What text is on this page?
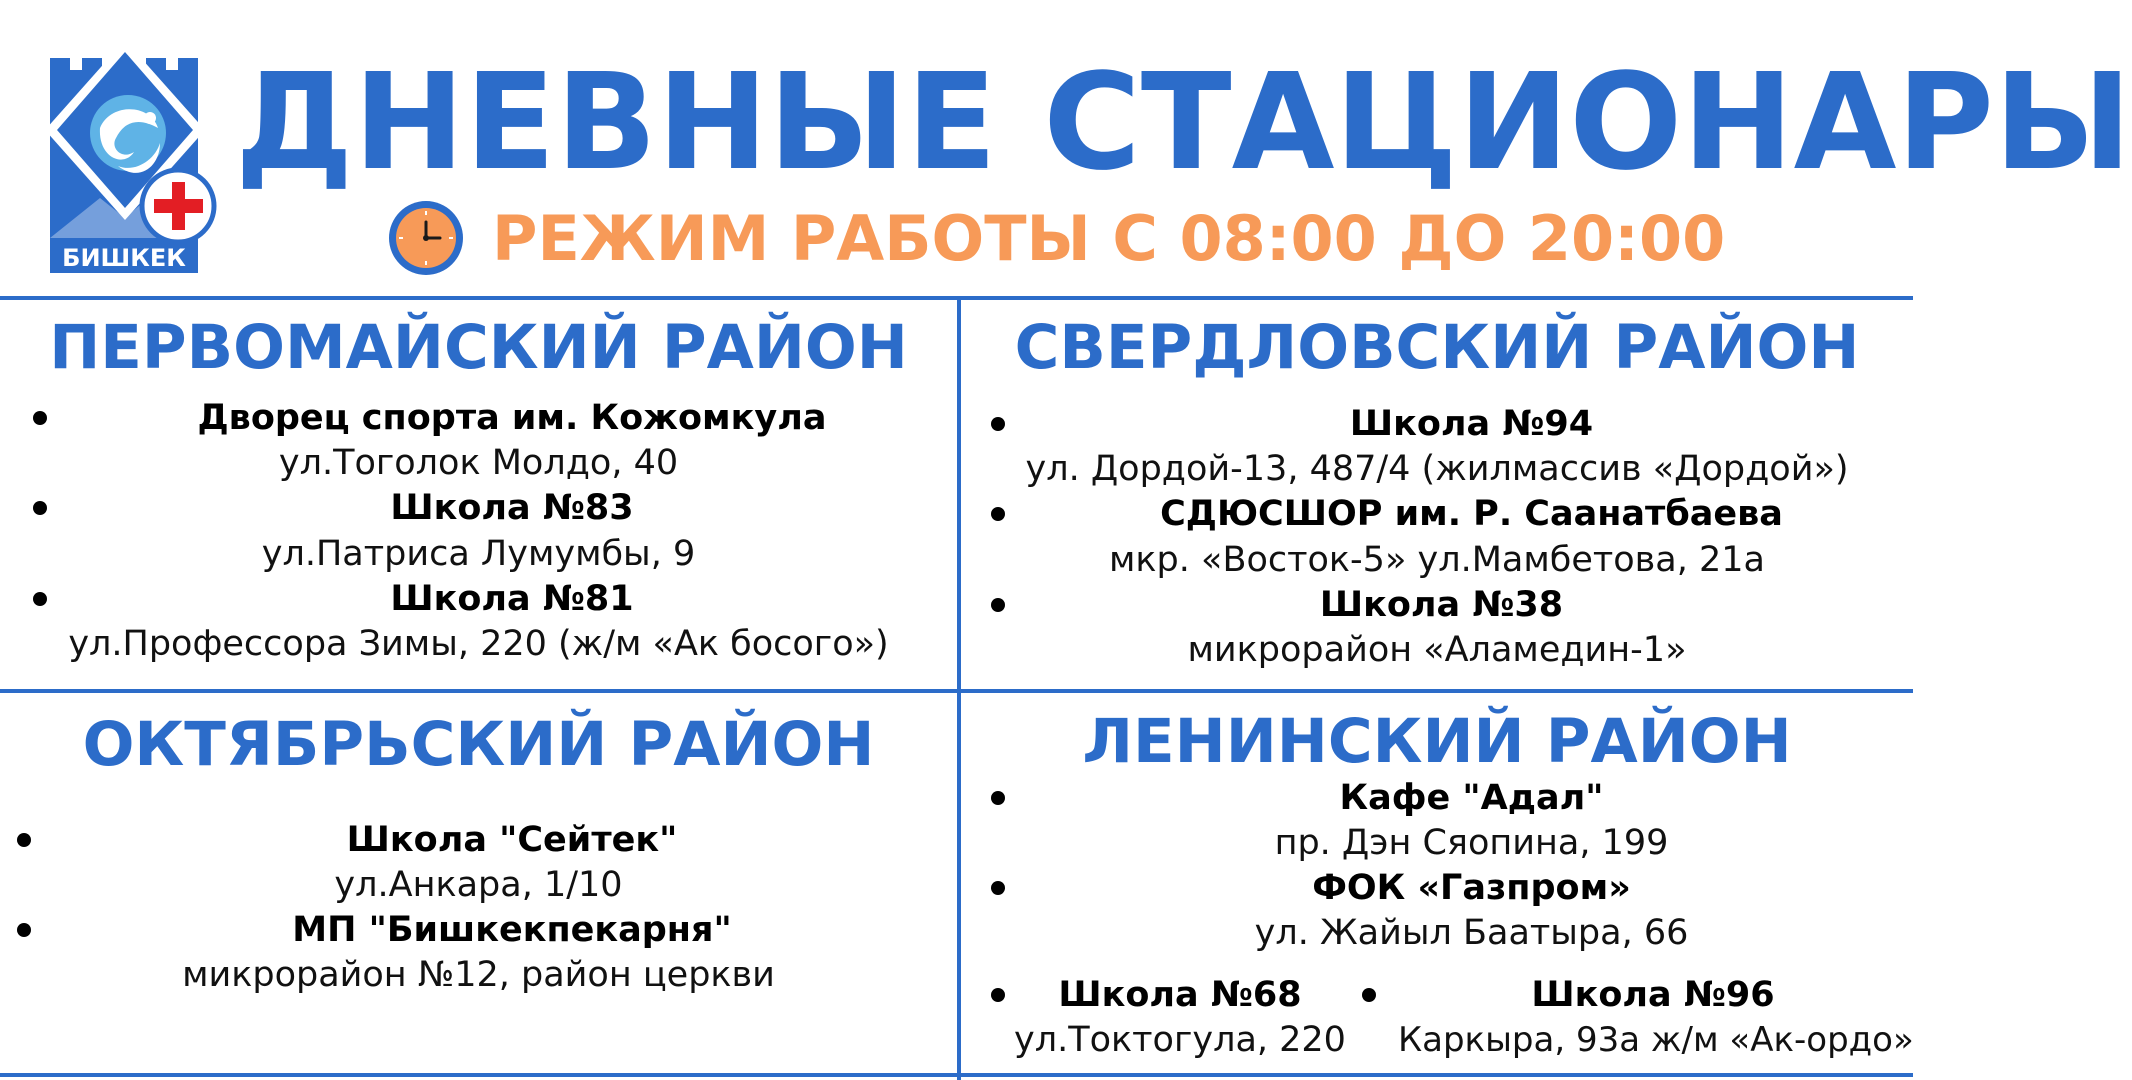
БИШКЕК
ДНЕВНЫЕ СТАЦИОНАРЫ
РЕЖИМ РАБОТЫ С 08:00 ДО 20:00
ПЕРВОМАЙСКИЙ РАЙОН
Дворец спорта им. Кожомкула
ул.Тоголок Молдо, 40
Школа №83
ул.Патриса Лумумбы, 9
Школа №81
ул.Профессора Зимы, 220 (ж/м «Ак босого»)
СВЕРДЛОВСКИЙ РАЙОН
Школа №94
ул. Дордой-13, 487/4 (жилмассив «Дордой»)
СДЮСШОР им. Р. Саанатбаева
мкр. «Восток-5» ул.Мамбетова, 21а
Школа №38
микрорайон «Аламедин-1»
ОКТЯБРЬСКИЙ РАЙОН
Школа "Сейтек"
ул.Анкара, 1/10
МП "Бишкекпекарня"
микрорайон №12, район церкви
ЛЕНИНСКИЙ РАЙОН
Кафе "Адал"
пр. Дэн Сяопина, 199
ФОК «Газпром»
ул. Жайыл Баатыра, 66
Школа №68
ул.Токтогула, 220
Школа №96
Каркыра, 93а ж/м «Ак-ордо»
